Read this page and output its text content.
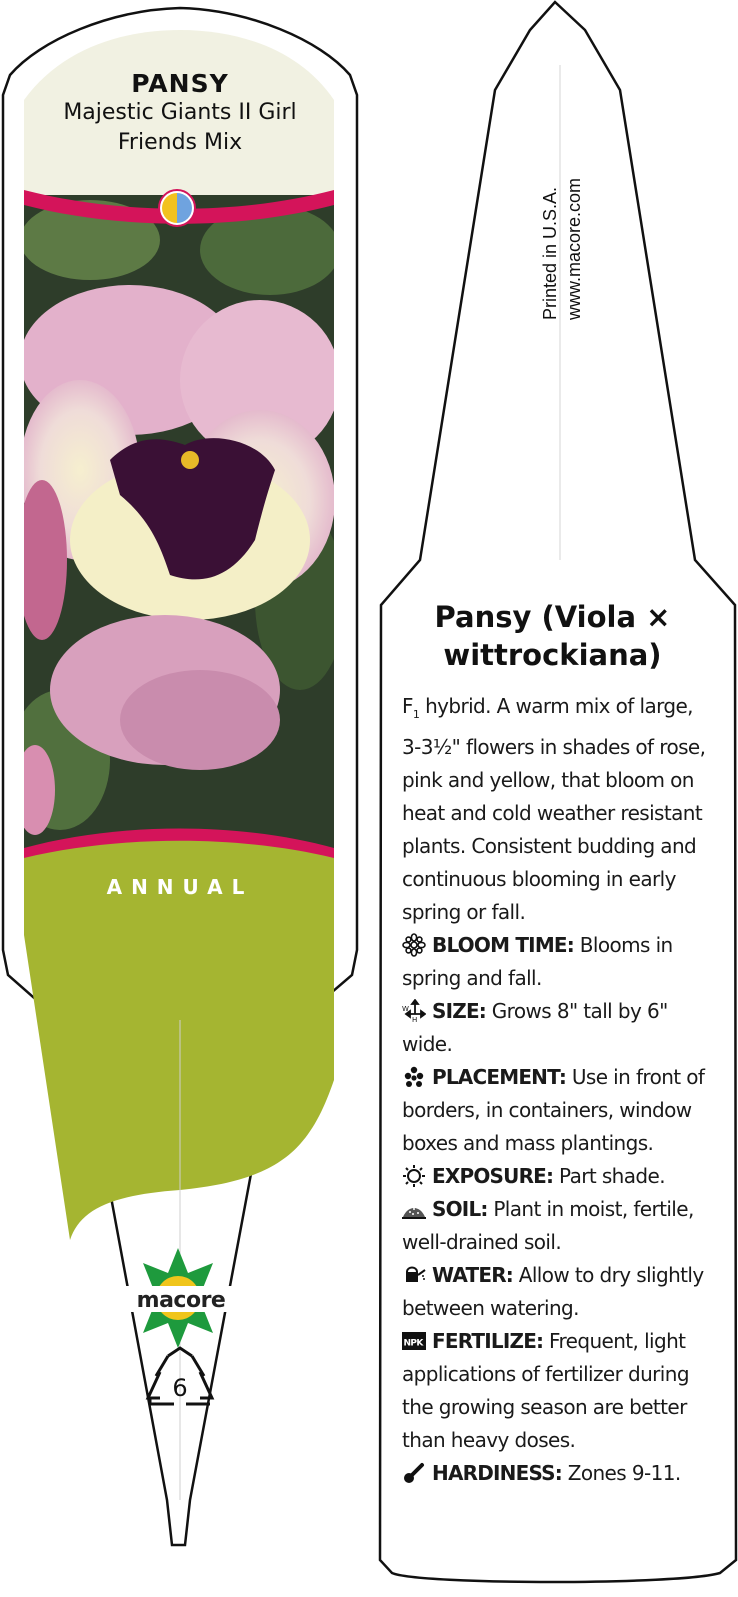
PANSY
Majestic Giants II Girl Friends Mix
ANNUAL
macore
6
Printed in U.S.A. www.macore.com
Pansy (Viola × wittrockiana)

$F_1$ hybrid. A warm mix of large, 3-3½" flowers in shades of rose, pink and yellow, that bloom on heat and cold weather resistant plants. Consistent budding and continuous blooming in early spring or fall.

BLOOM TIME: Blooms in spring and fall.

W
H SIZE: Grows 8" tall by 6" wide.

PLACEMENT: Use in front of borders, in containers, window boxes and mass plantings.

EXPOSURE: Part shade.

SOIL: Plant in moist, fertile, well-drained soil.

WATER: Allow to dry slightly between watering.

NPK FERTILIZE: Frequent, light applications of fertilizer during the growing season are better than heavy doses.

HARDINESS: Zones 9-11.
